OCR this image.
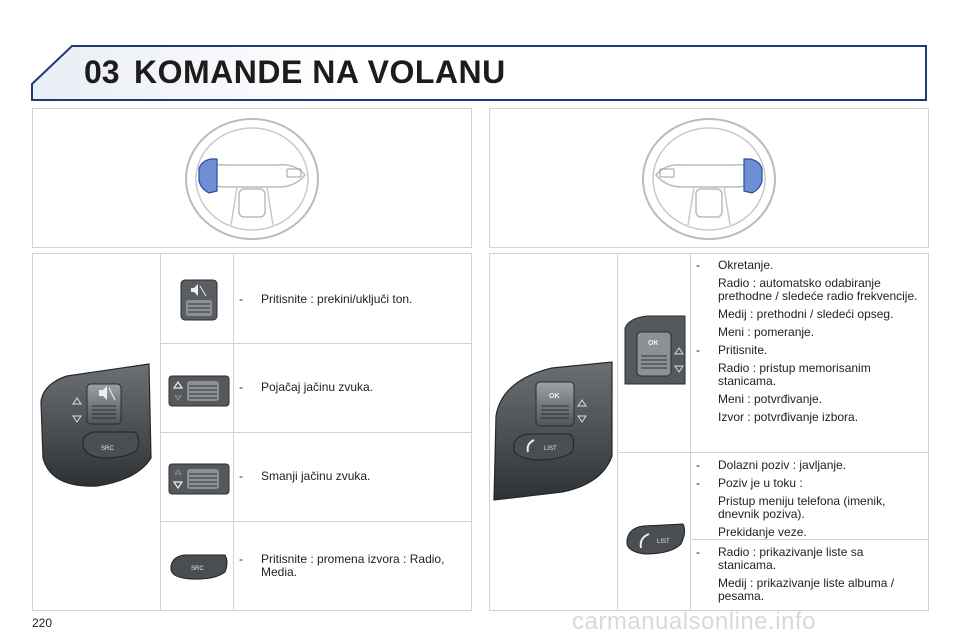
03 KOMANDE NA VOLANU
SRC
SRC

- Pritisnite : prekini/uključi ton.

- Pojačaj jačinu zvuka.

- Smanji jačinu zvuka.

-	Pritisnite : promena izvora : Radio, Media.
OK
LIST
OK
LIST
-	Okretanje.

Radio : automatsko odabiranje prethodne / sledeće radio frekvencije.

Medij : prethodni / sledeći opseg.

Meni : pomeranje.

-	Pritisnite.

Radio : pristup memorisanim stanicama.

Meni : potvrđivanje.

Izvor : potvrđivanje izbora.

-	Dolazni poziv : javljanje.
-	Poziv je u toku :

Pristup meniju telefona (imenik, dnevnik poziva).

Prekidanje veze.

-	Radio : prikazivanje liste sa stanicama.

Medij : prikazivanje liste albuma / pesama.

220	carmanualsonline.info
